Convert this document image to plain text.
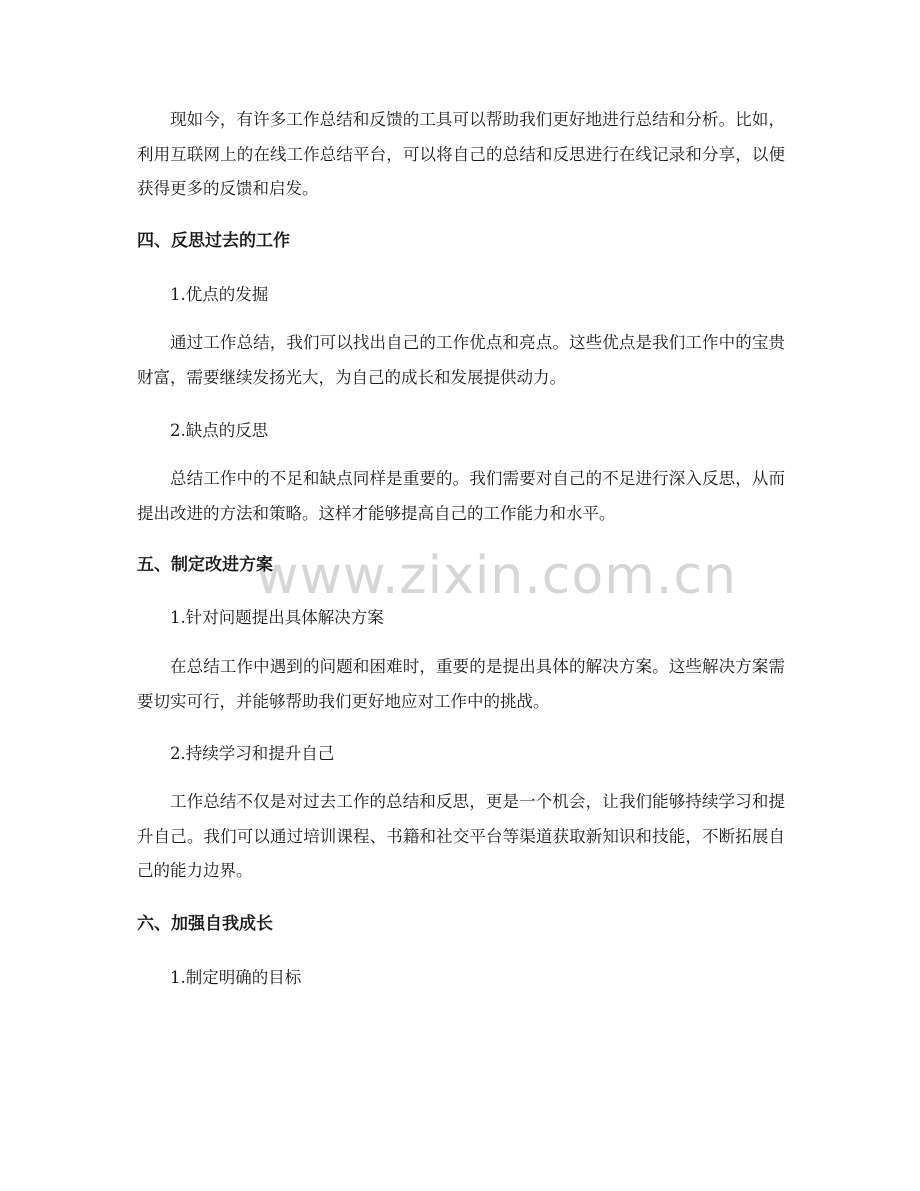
www.zixin.com.cn

现如今，有许多工作总结和反馈的工具可以帮助我们更好地进行总结和分析。比如，利用互联网上的在线工作总结平台，可以将自己的总结和反思进行在线记录和分享，以便获得更多的反馈和启发。

四、反思过去的工作

1.优点的发掘

通过工作总结，我们可以找出自己的工作优点和亮点。这些优点是我们工作中的宝贵财富，需要继续发扬光大，为自己的成长和发展提供动力。

2.缺点的反思

总结工作中的不足和缺点同样是重要的。我们需要对自己的不足进行深入反思，从而提出改进的方法和策略。这样才能够提高自己的工作能力和水平。

五、制定改进方案

1.针对问题提出具体解决方案

在总结工作中遇到的问题和困难时，重要的是提出具体的解决方案。这些解决方案需要切实可行，并能够帮助我们更好地应对工作中的挑战。

2.持续学习和提升自己

工作总结不仅是对过去工作的总结和反思，更是一个机会，让我们能够持续学习和提升自己。我们可以通过培训课程、书籍和社交平台等渠道获取新知识和技能，不断拓展自己的能力边界。

六、加强自我成长

1.制定明确的目标
